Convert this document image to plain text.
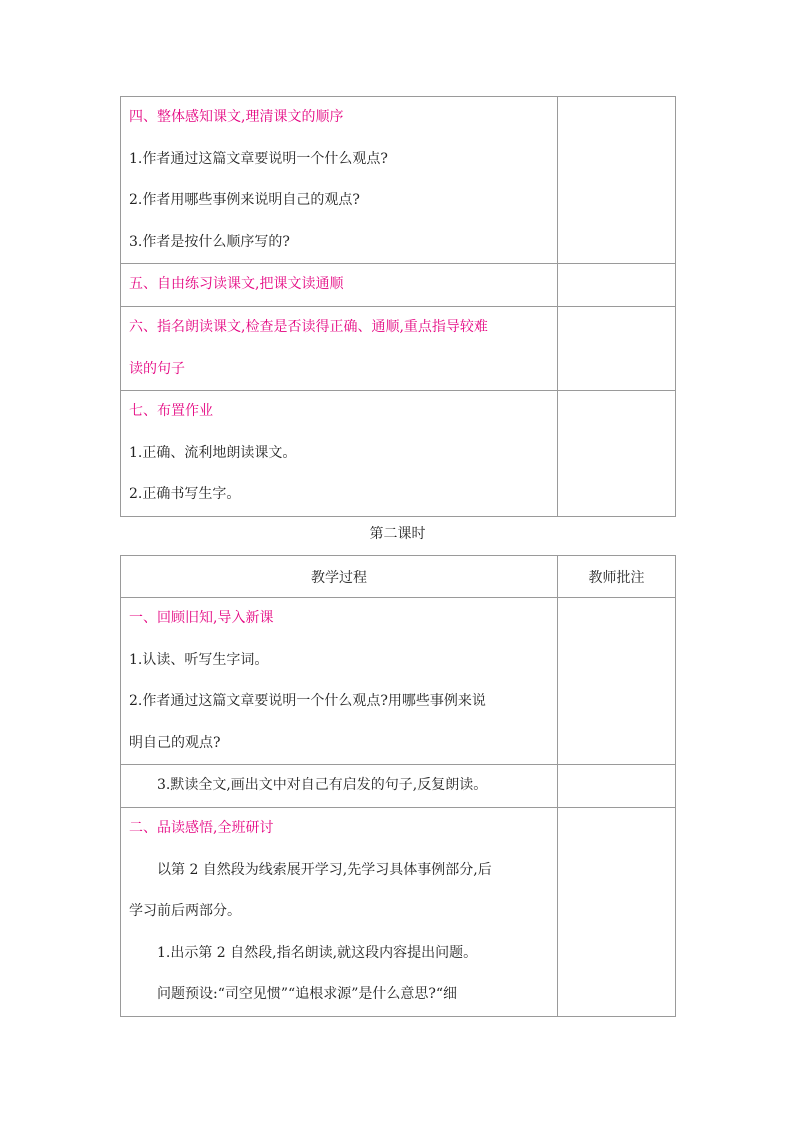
四、整体感知课文,理清课文的顺序
1.作者通过这篇文章要说明一个什么观点?
2.作者用哪些事例来说明自己的观点?
3.作者是按什么顺序写的?	

五、自由练习读课文,把课文读通顺	

六、指名朗读课文,检查是否读得正确、通顺,重点指导较难
读的句子	

七、布置作业
1.正确、流利地朗读课文。
2.正确书写生字。	

第二课时
教学过程	教师批注

一、回顾旧知,导入新课
1.认读、听写生字词。
2.作者通过这篇文章要说明一个什么观点?用哪些事例来说
明自己的观点?	

3.默读全文,画出文中对自己有启发的句子,反复朗读。	

二、品读感悟,全班研讨
以第 2 自然段为线索展开学习,先学习具体事例部分,后
学习前后两部分。
1.出示第 2 自然段,指名朗读,就这段内容提出问题。
问题预设:“司空见惯”“追根求源”是什么意思?“细	
